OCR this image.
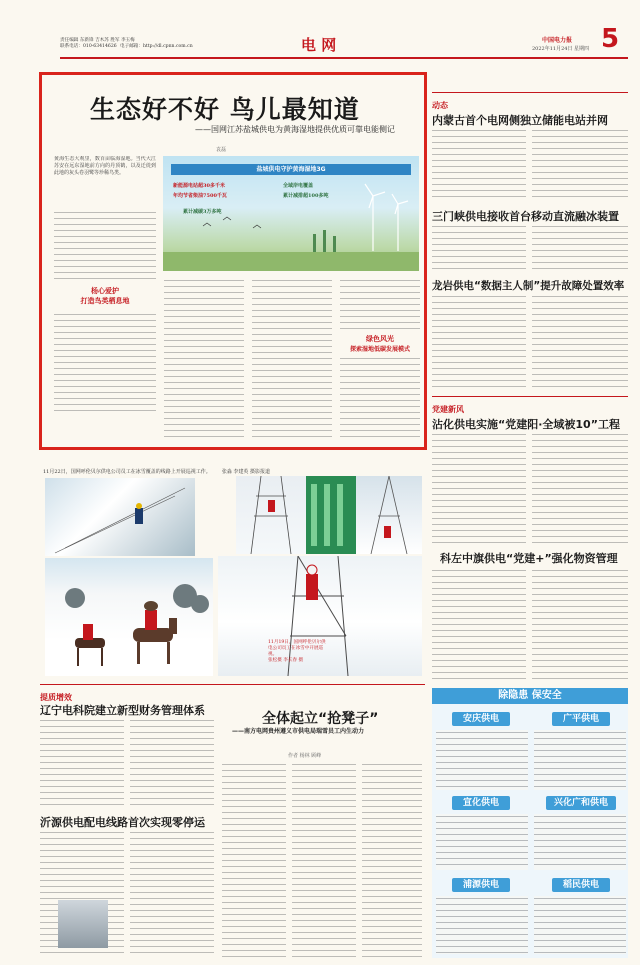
责任编辑 东新锋 吉木苏 胜军 李玉梅
联系电话：010-63414626 电子邮箱：http://dl.cpnn.com.cn	电 网	中国电力报
2022年11月24日 星期四 5
生态好不好 鸟儿最知道
——国网江苏盐城供电为黄海湿地提供优质可靠电能侧记
袁磊
盐城供电守护黄海湿地3G
新能源电站超30多千米
年均节省柴油7500千瓦
全域岸电覆盖
累计减排超100多吨
累计减碳3万多吨
黄海生态大观里，数百亩临海湿地。当代大江苏安在远东湿地前方向的丹顶鹤，以及迁徙到此地的灰头卷羽鹭等珍稀鸟类。
杨心爱护
打造鸟类栖息地
绿色风光
探索湿地低碳发展模式
11月22日，国网呼伦贝尔供电公司员工在冰雪覆盖的线路上开展巡视工作。 张淼 李建英 摄影报道
11月19日，国网呼伦贝尔供电公司员工在冰雪中开展巡视。
张松摄 李长春 摄
动态
内蒙古首个电网侧独立储能电站并网
三门峡供电接收首台移动直流融冰装置
龙岩供电“数据主人制”提升故障处置效率
党建新风
沾化供电实施“党建阳·全域被10”工程
科左中旗供电“党建+”强化物资管理
提质增效
辽宁电科院建立新型财务管理体系
沂源供电配电线路首次实现零停运
全体起立“抢凳子”
——南方电网贵州遵义市供电局瑞雪员工内生动力
作者 杨林 顾峰
除隐患 保安全
安庆供电	广平供电
宣化供电	兴化广和供电
浦源供电	稻民供电
